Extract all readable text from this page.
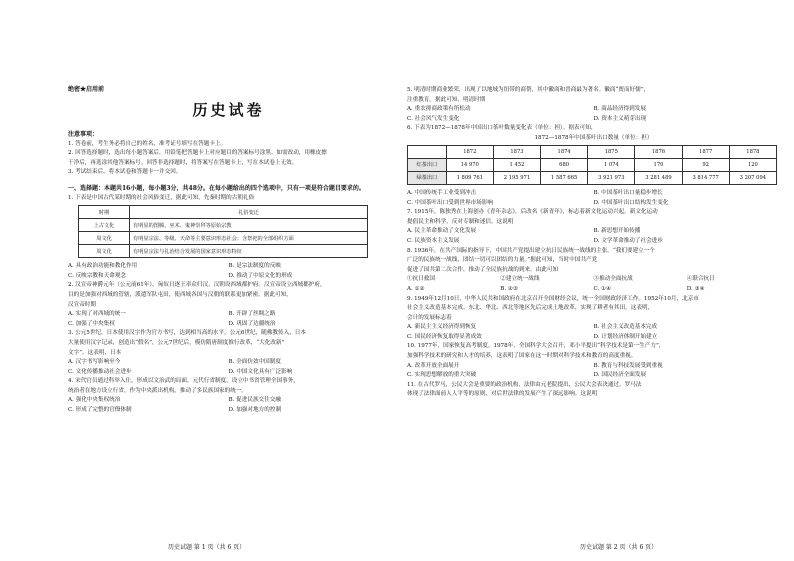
绝密★启用前
历史试卷
注意事项：
1. 答卷前，考生务必将自己的姓名、准考证号填写在答题卡上。
2. 回答选择题时，选出每小题答案后，用铅笔把答题卡上对应题目的答案标号涂黑。如需改动，用橡皮擦
干净后，再选涂其他答案标号。回答非选择题时，将答案写在答题卡上，写在本试卷上无效。
3. 考试结束后，将本试卷和答题卡一并交回。
一、选择题：本题共16小题，每小题3分，共48分。在每小题给出的四个选项中，只有一项是符合题目要求的。
1. 下表是中国古代某时期的社会风俗变迁，据此可知，先秦时期的古朝礼俗
时期	礼俗变迁
上古文化	有明显的图腾、巫术、鬼神崇拜等原始宗教
周文化	有明显宗法、等级、天命等主要意识形态社会；含祭祀的全部组织方面
周文化	有明显宗法与礼治结合发展的国家意识形态特征
A. 具有政治功能和教化作用	B. 是宗法制度的反映
C. 反映宗教和天命观念	D. 推动了中原文化的形成
2. 汉宣帝神爵元年（公元前61年），匈奴日逐王率众归汉，汉朝设西域都护府。汉宣帝设立西域都护府，
目的是加强对西域的管辖，派遣军队屯田，使西域各国与汉朝的联系更加紧密。据此可知，
汉宣帝时期
A. 实现了对西域的统一	B. 开辟了丝绸之路
C. 加强了中央集权	D. 巩固了边疆统治
3. 公元5世纪，日本使用汉字作为官方书写，达到相当高的水平。公元6世纪，随佛教传入，日本
大量使用汉字记录，创造出“假名”，公元7世纪后，模仿隋唐制度推行改革，“大化改新”
文字”。这表明，日本
A. 汉字书写影响至今	B. 全面仿效中国制度
C. 文化传播推动社会进步	D. 中国文化具有广泛影响
4. 宋代官员通过科举入仕，形成以文治武的局面。元代行省制度，设立中书省管理全国事务，
统治者在地方设立行省，作为中央派出机构，推动了多民族国家的统一。
A. 强化中央集权统治	B. 促进民族交往交融
C. 形成了完整的官僚体制	D. 加强对地方的控制
历史试题 第 1 页（共 6 页）
5. 明清时期商业繁荣，出现了以地域为纽带的商帮，其中徽商和晋商最为著名。徽商“贾而好儒”，
注重教育。据此可知，明清时期
A. 重农抑商政策有所松动	B. 商品经济得到发展
C. 社会风气发生变化	D. 资本主义萌芽出现
6. 下表为1872—1878年中国出口茶叶数量变化表（单位：担）。据表可知，
1872—1878年中国茶叶出口数量（单位：担）
	1872	1873	1874	1875	1876	1877	1878
红茶出口	14 970	1 452	680	1 074	170	92	120
绿茶出口	1 809 761	2 195 971	1 587 665	3 921 973	3 281 489	3 814 777	3 207 094
A. 中国传统手工业受到冲击	B. 中国茶叶出口量稳步增长
C. 中国茶叶出口受到世界市场影响	D. 中国茶叶出口结构发生变化
7. 1915年，陈独秀在上海创办《青年杂志》，后改名《新青年》，标志着新文化运动兴起。新文化运动
提倡民主和科学，反对专制和迷信。这说明
A. 民主革命推动了文化发展	B. 新思想开始传播
C. 民族资本主义发展	D. 文学革命推动了社会进步
8. 1936年，在共产国际的指导下，中国共产党提出建立抗日民族统一战线的主张。“我们要建立一个
广泛的民族统一战线，团结一切可以团结的力量。”据此可知，当时中国共产党
促进了国共第二次合作，推动了全民族抗战的到来。由此可知
①抗日救国	②建立统一战线	③推动全面抗战	④联合抗日
A. ①②	B. ②③	C. ①④	D. ③④
9. 1949年12月10日，中华人民共和国政府在北京召开全国财经会议，统一全国财政经济工作。1952年10月，北京市
社会主义改造基本完成。东北、华北、西北等地区先后完成土地改革，实现了耕者有其田。这表明，
会计的发展标志着
A. 新民主主义经济得到恢复	B. 社会主义改造基本完成
C. 国民经济恢复取得显著成效	D. 计划经济体制开始建立
10. 1977年，国家恢复高考制度。1978年，全国科学大会召开，邓小平提出“科学技术是第一生产力”，
加强科学技术的研究和人才的培养，这表明了国家在这一时期对科学技术和教育的高度重视。
A. 改革开放全面展开	B. 教育与科技发展受到重视
C. 实现思想解放的重大突破	D. 国民经济全面发展
11. 在古代罗马，公民大会是重要的政治机构，法律由元老院提出，公民大会表决通过。罗马法
体现了法律面前人人平等的原则，对后世法律的发展产生了深远影响。这说明
历史试题 第 2 页（共 6 页）
